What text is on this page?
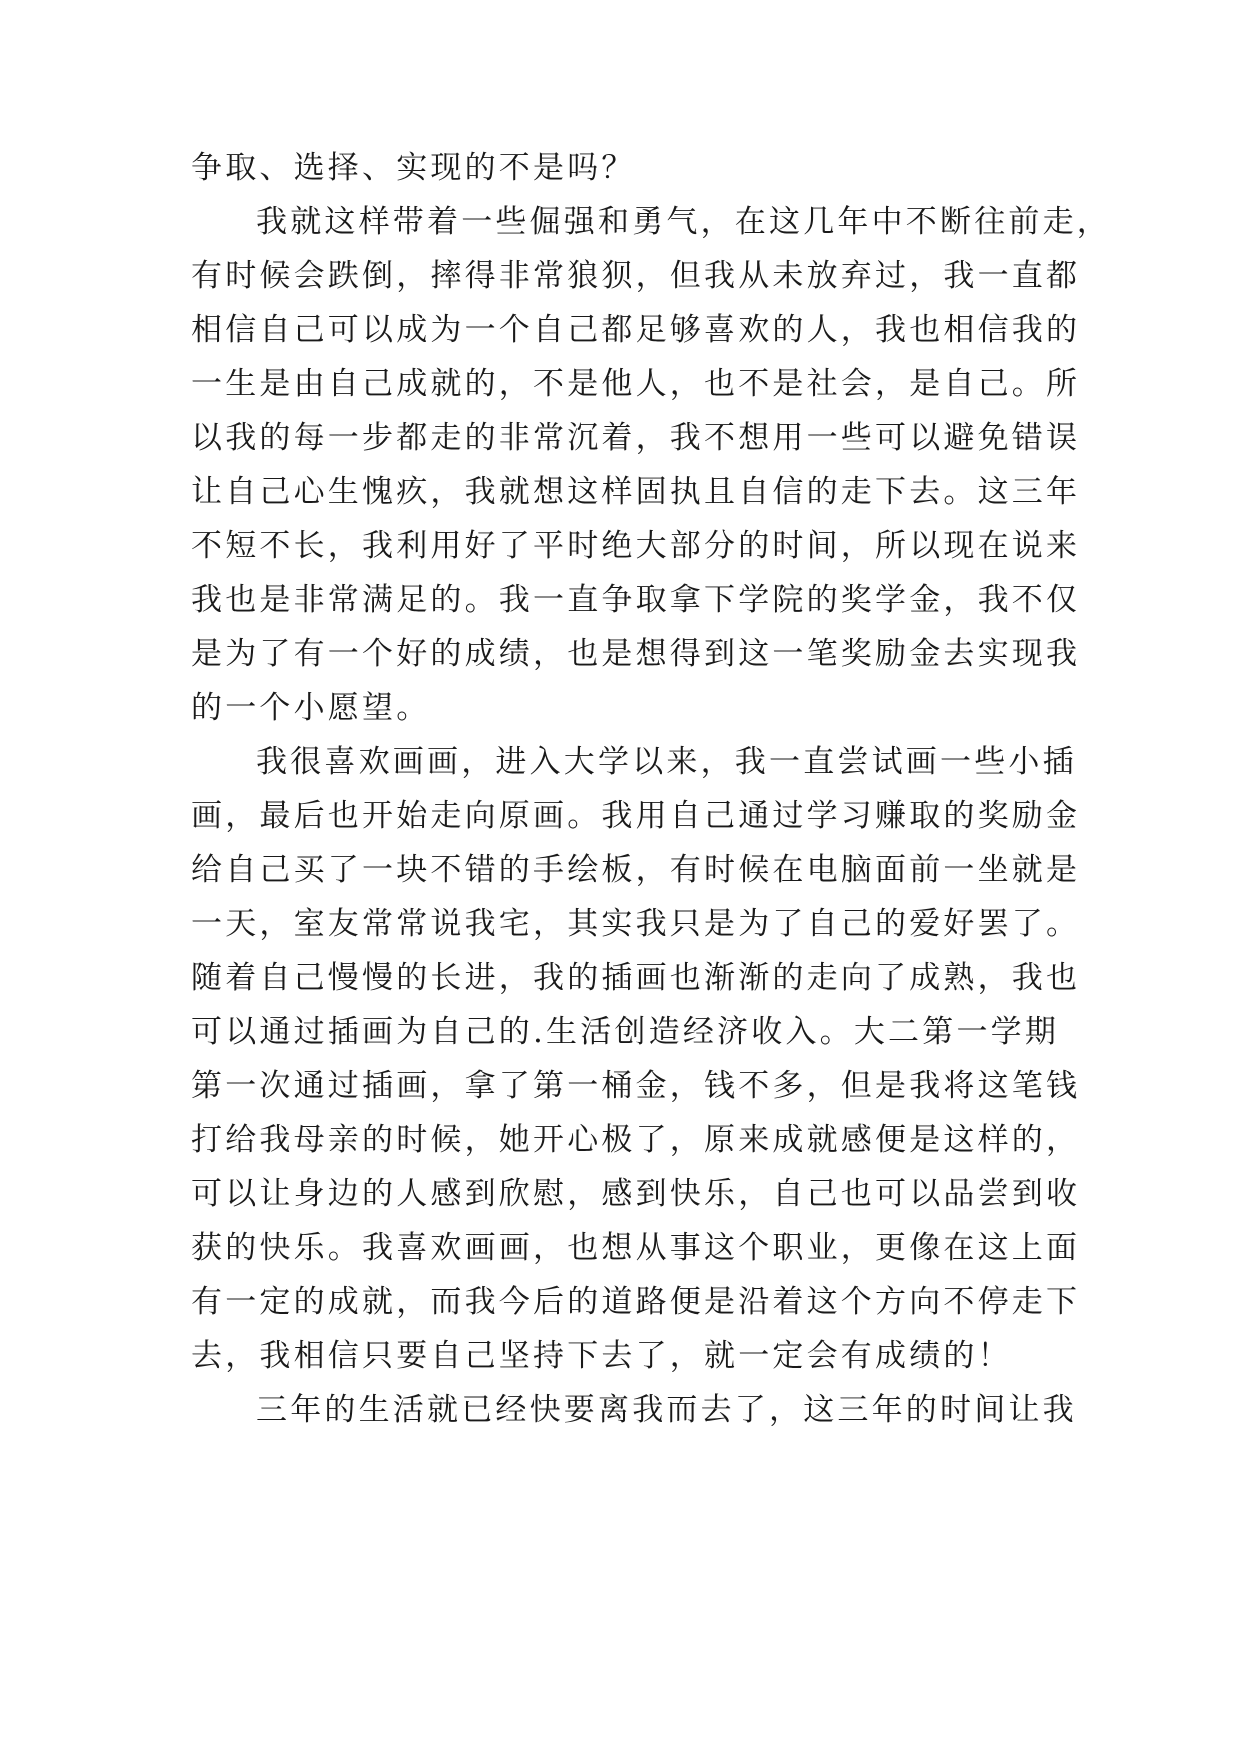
争取、选择、实现的不是吗？
我就这样带着一些倔强和勇气，在这几年中不断往前走，
有时候会跌倒，摔得非常狼狈，但我从未放弃过，我一直都
相信自己可以成为一个自己都足够喜欢的人，我也相信我的
一生是由自己成就的，不是他人，也不是社会，是自己。所
以我的每一步都走的非常沉着，我不想用一些可以避免错误
让自己心生愧疚，我就想这样固执且自信的走下去。这三年
不短不长，我利用好了平时绝大部分的时间，所以现在说来
我也是非常满足的。我一直争取拿下学院的奖学金，我不仅
是为了有一个好的成绩，也是想得到这一笔奖励金去实现我
的一个小愿望。
我很喜欢画画，进入大学以来，我一直尝试画一些小插
画，最后也开始走向原画。我用自己通过学习赚取的奖励金
给自己买了一块不错的手绘板，有时候在电脑面前一坐就是
一天，室友常常说我宅，其实我只是为了自己的爱好罢了。
随着自己慢慢的长进，我的插画也渐渐的走向了成熟，我也
可以通过插画为自己的.生活创造经济收入。大二第一学期
第一次通过插画，拿了第一桶金，钱不多，但是我将这笔钱
打给我母亲的时候，她开心极了，原来成就感便是这样的，
可以让身边的人感到欣慰，感到快乐，自己也可以品尝到收
获的快乐。我喜欢画画，也想从事这个职业，更像在这上面
有一定的成就，而我今后的道路便是沿着这个方向不停走下
去，我相信只要自己坚持下去了，就一定会有成绩的！
三年的生活就已经快要离我而去了，这三年的时间让我
